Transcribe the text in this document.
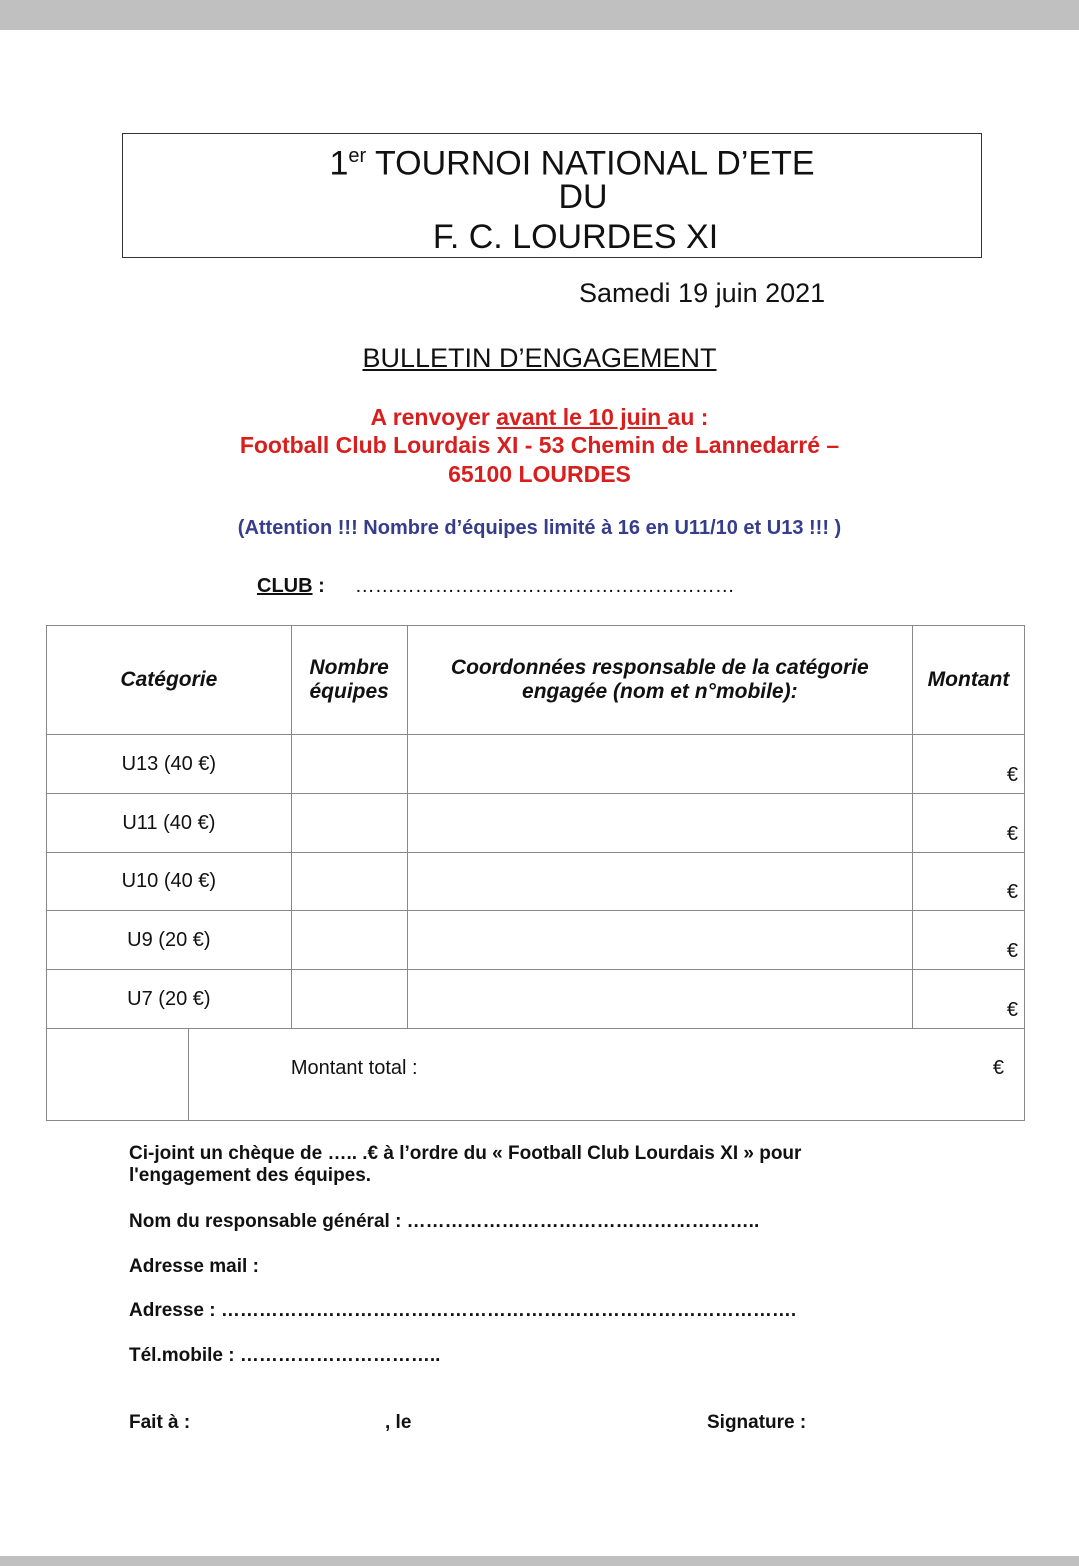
1er TOURNOI NATIONAL D’ETE
DU
F. C. LOURDES XI
Samedi 19 juin 2021
BULLETIN D’ENGAGEMENT
A renvoyer avant le 10 juin au :
Football Club Lourdais XI - 53 Chemin de Lannedarré –
65100 LOURDES
(Attention !!! Nombre d’équipes limité à 16 en U11/10 et U13 !!! )
CLUB : …………………………………………………
Catégorie		Nombre équipes	Coordonnées responsable de la catégorie engagée (nom et n°mobile):	Montant
U13 (40 €)				€
U11 (40 €)				€
U10 (40 €)				€
U9 (20 €)				€
U7 (20 €)				€

	Montant total : €			
Ci-joint un chèque de ….. .€ à l’ordre du « Football Club Lourdais XI » pour
l'engagement des équipes.
Nom du responsable général : ………………………………………………..
Adresse mail :
Adresse : ……………………………………………………………………………….
Tél.mobile : …………………………..
Fait à :	, le	Signature :
